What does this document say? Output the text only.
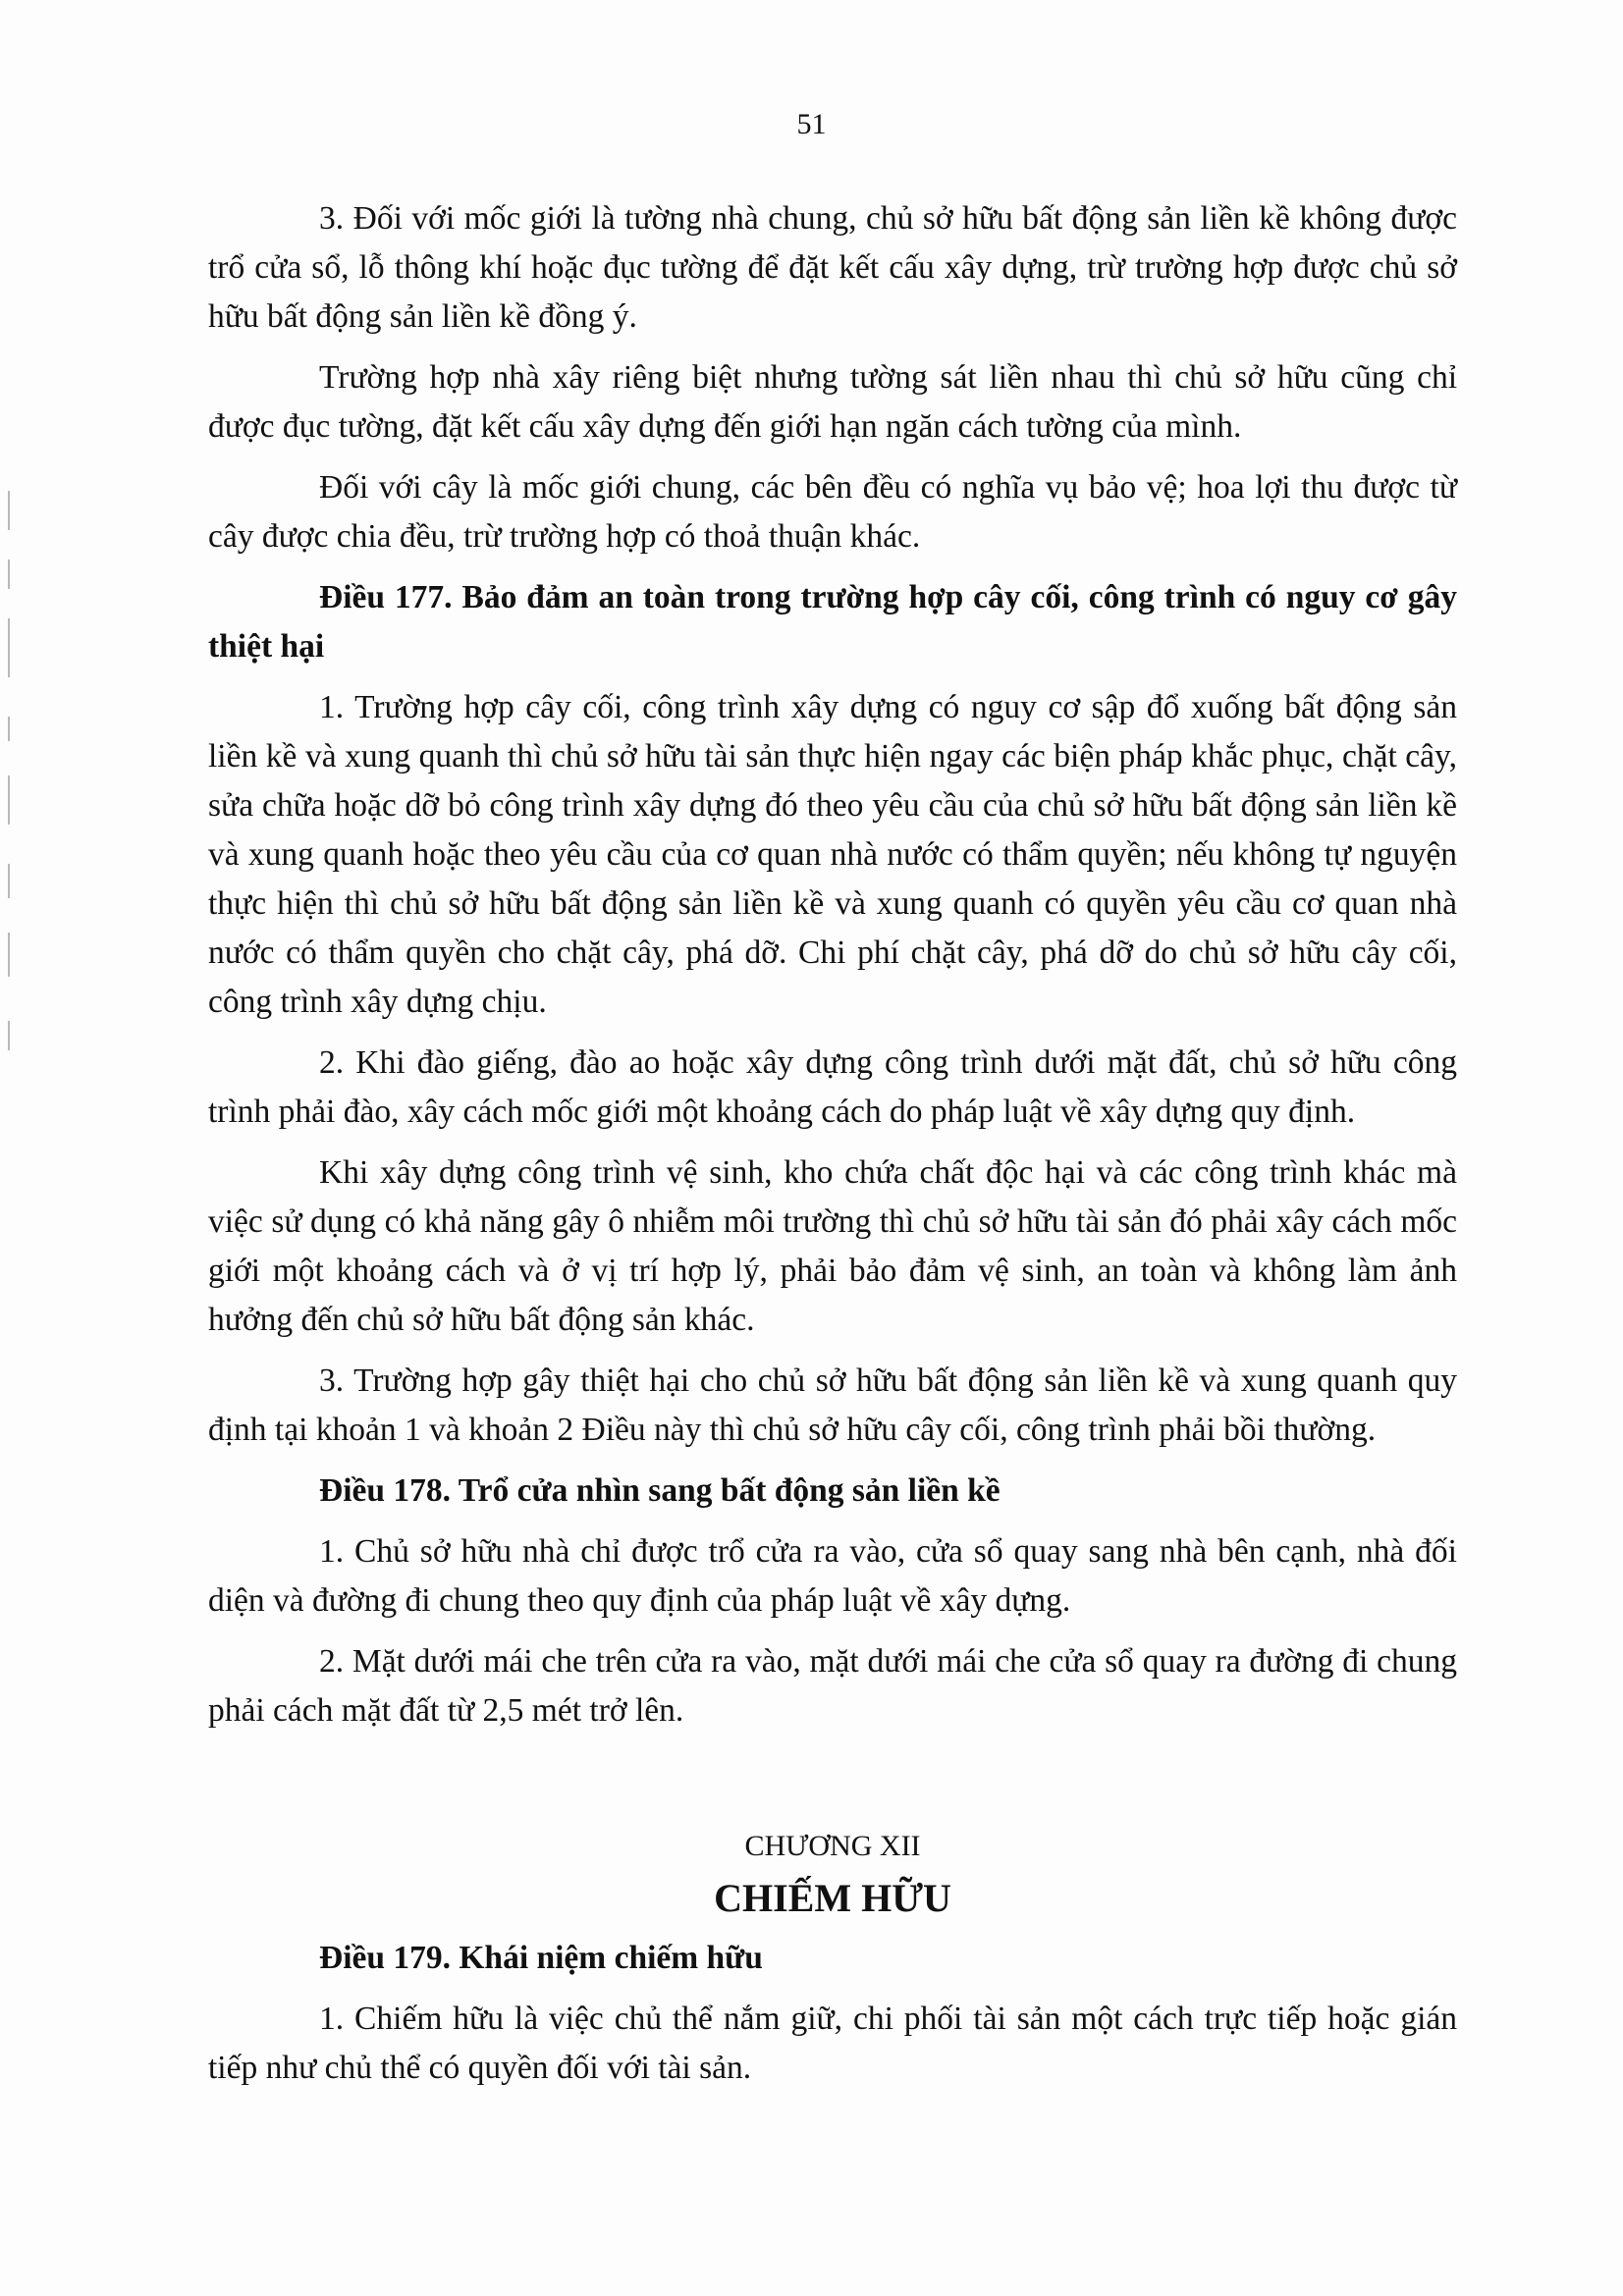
51

3. Đối với mốc giới là tường nhà chung, chủ sở hữu bất động sản liền kề không được trổ cửa sổ, lỗ thông khí hoặc đục tường để đặt kết cấu xây dựng, trừ trường hợp được chủ sở hữu bất động sản liền kề đồng ý.

Trường hợp nhà xây riêng biệt nhưng tường sát liền nhau thì chủ sở hữu cũng chỉ được đục tường, đặt kết cấu xây dựng đến giới hạn ngăn cách tường của mình.

Đối với cây là mốc giới chung, các bên đều có nghĩa vụ bảo vệ; hoa lợi thu được từ cây được chia đều, trừ trường hợp có thoả thuận khác.

Điều 177. Bảo đảm an toàn trong trường hợp cây cối, công trình có nguy cơ gây thiệt hại

1. Trường hợp cây cối, công trình xây dựng có nguy cơ sập đổ xuống bất động sản liền kề và xung quanh thì chủ sở hữu tài sản thực hiện ngay các biện pháp khắc phục, chặt cây, sửa chữa hoặc dỡ bỏ công trình xây dựng đó theo yêu cầu của chủ sở hữu bất động sản liền kề và xung quanh hoặc theo yêu cầu của cơ quan nhà nước có thẩm quyền; nếu không tự nguyện thực hiện thì chủ sở hữu bất động sản liền kề và xung quanh có quyền yêu cầu cơ quan nhà nước có thẩm quyền cho chặt cây, phá dỡ. Chi phí chặt cây, phá dỡ do chủ sở hữu cây cối, công trình xây dựng chịu.

2. Khi đào giếng, đào ao hoặc xây dựng công trình dưới mặt đất, chủ sở hữu công trình phải đào, xây cách mốc giới một khoảng cách do pháp luật về xây dựng quy định.

Khi xây dựng công trình vệ sinh, kho chứa chất độc hại và các công trình khác mà việc sử dụng có khả năng gây ô nhiễm môi trường thì chủ sở hữu tài sản đó phải xây cách mốc giới một khoảng cách và ở vị trí hợp lý, phải bảo đảm vệ sinh, an toàn và không làm ảnh hưởng đến chủ sở hữu bất động sản khác.

3. Trường hợp gây thiệt hại cho chủ sở hữu bất động sản liền kề và xung quanh quy định tại khoản 1 và khoản 2 Điều này thì chủ sở hữu cây cối, công trình phải bồi thường.

Điều 178. Trổ cửa nhìn sang bất động sản liền kề

1. Chủ sở hữu nhà chỉ được trổ cửa ra vào, cửa sổ quay sang nhà bên cạnh, nhà đối diện và đường đi chung theo quy định của pháp luật về xây dựng.

2. Mặt dưới mái che trên cửa ra vào, mặt dưới mái che cửa sổ quay ra đường đi chung phải cách mặt đất từ 2,5 mét trở lên.

CHƯƠNG XII

CHIẾM HỮU

Điều 179. Khái niệm chiếm hữu

1. Chiếm hữu là việc chủ thể nắm giữ, chi phối tài sản một cách trực tiếp hoặc gián tiếp như chủ thể có quyền đối với tài sản.
